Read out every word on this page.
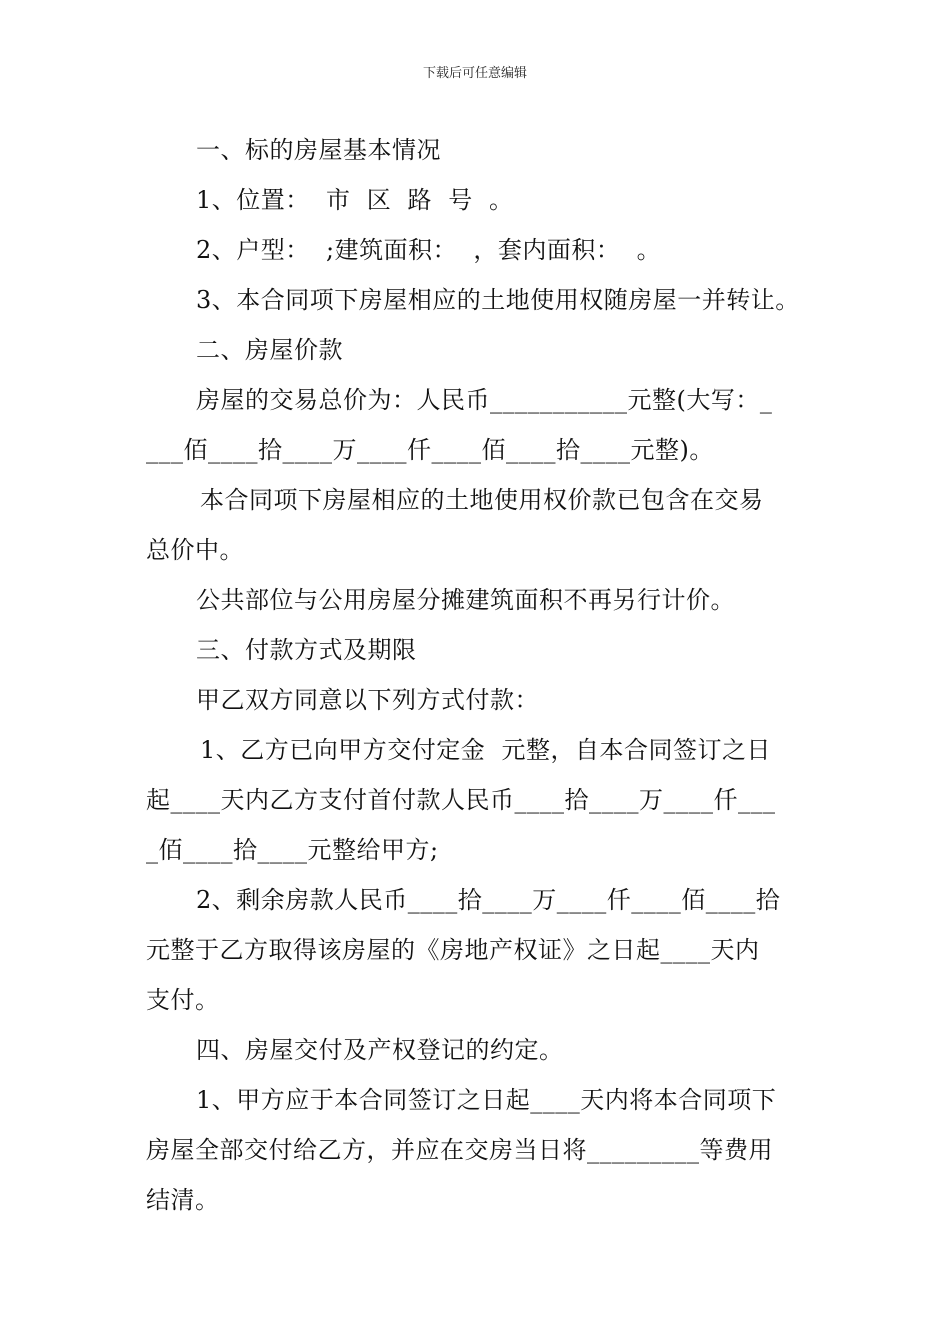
下载后可任意编辑
一、标的房屋基本情况
1、位置：  市  区  路  号  。
2、户型：  ;建筑面积：  ，套内面积：  。
3、本合同项下房屋相应的土地使用权随房屋一并转让。
二、房屋价款
房屋的交易总价为：人民币___________元整(大写：_
___佰____拾____万____仟____佰____拾____元整)。
本合同项下房屋相应的土地使用权价款已包含在交易
总价中。
公共部位与公用房屋分摊建筑面积不再另行计价。
三、付款方式及期限
甲乙双方同意以下列方式付款：
1、乙方已向甲方交付定金  元整，自本合同签订之日
起____天内乙方支付首付款人民币____拾____万____仟___
_佰____拾____元整给甲方;
2、剩余房款人民币____拾____万____仟____佰____拾
元整于乙方取得该房屋的《房地产权证》之日起____天内
支付。
四、房屋交付及产权登记的约定。
1、甲方应于本合同签订之日起____天内将本合同项下
房屋全部交付给乙方，并应在交房当日将_________等费用
结清。
